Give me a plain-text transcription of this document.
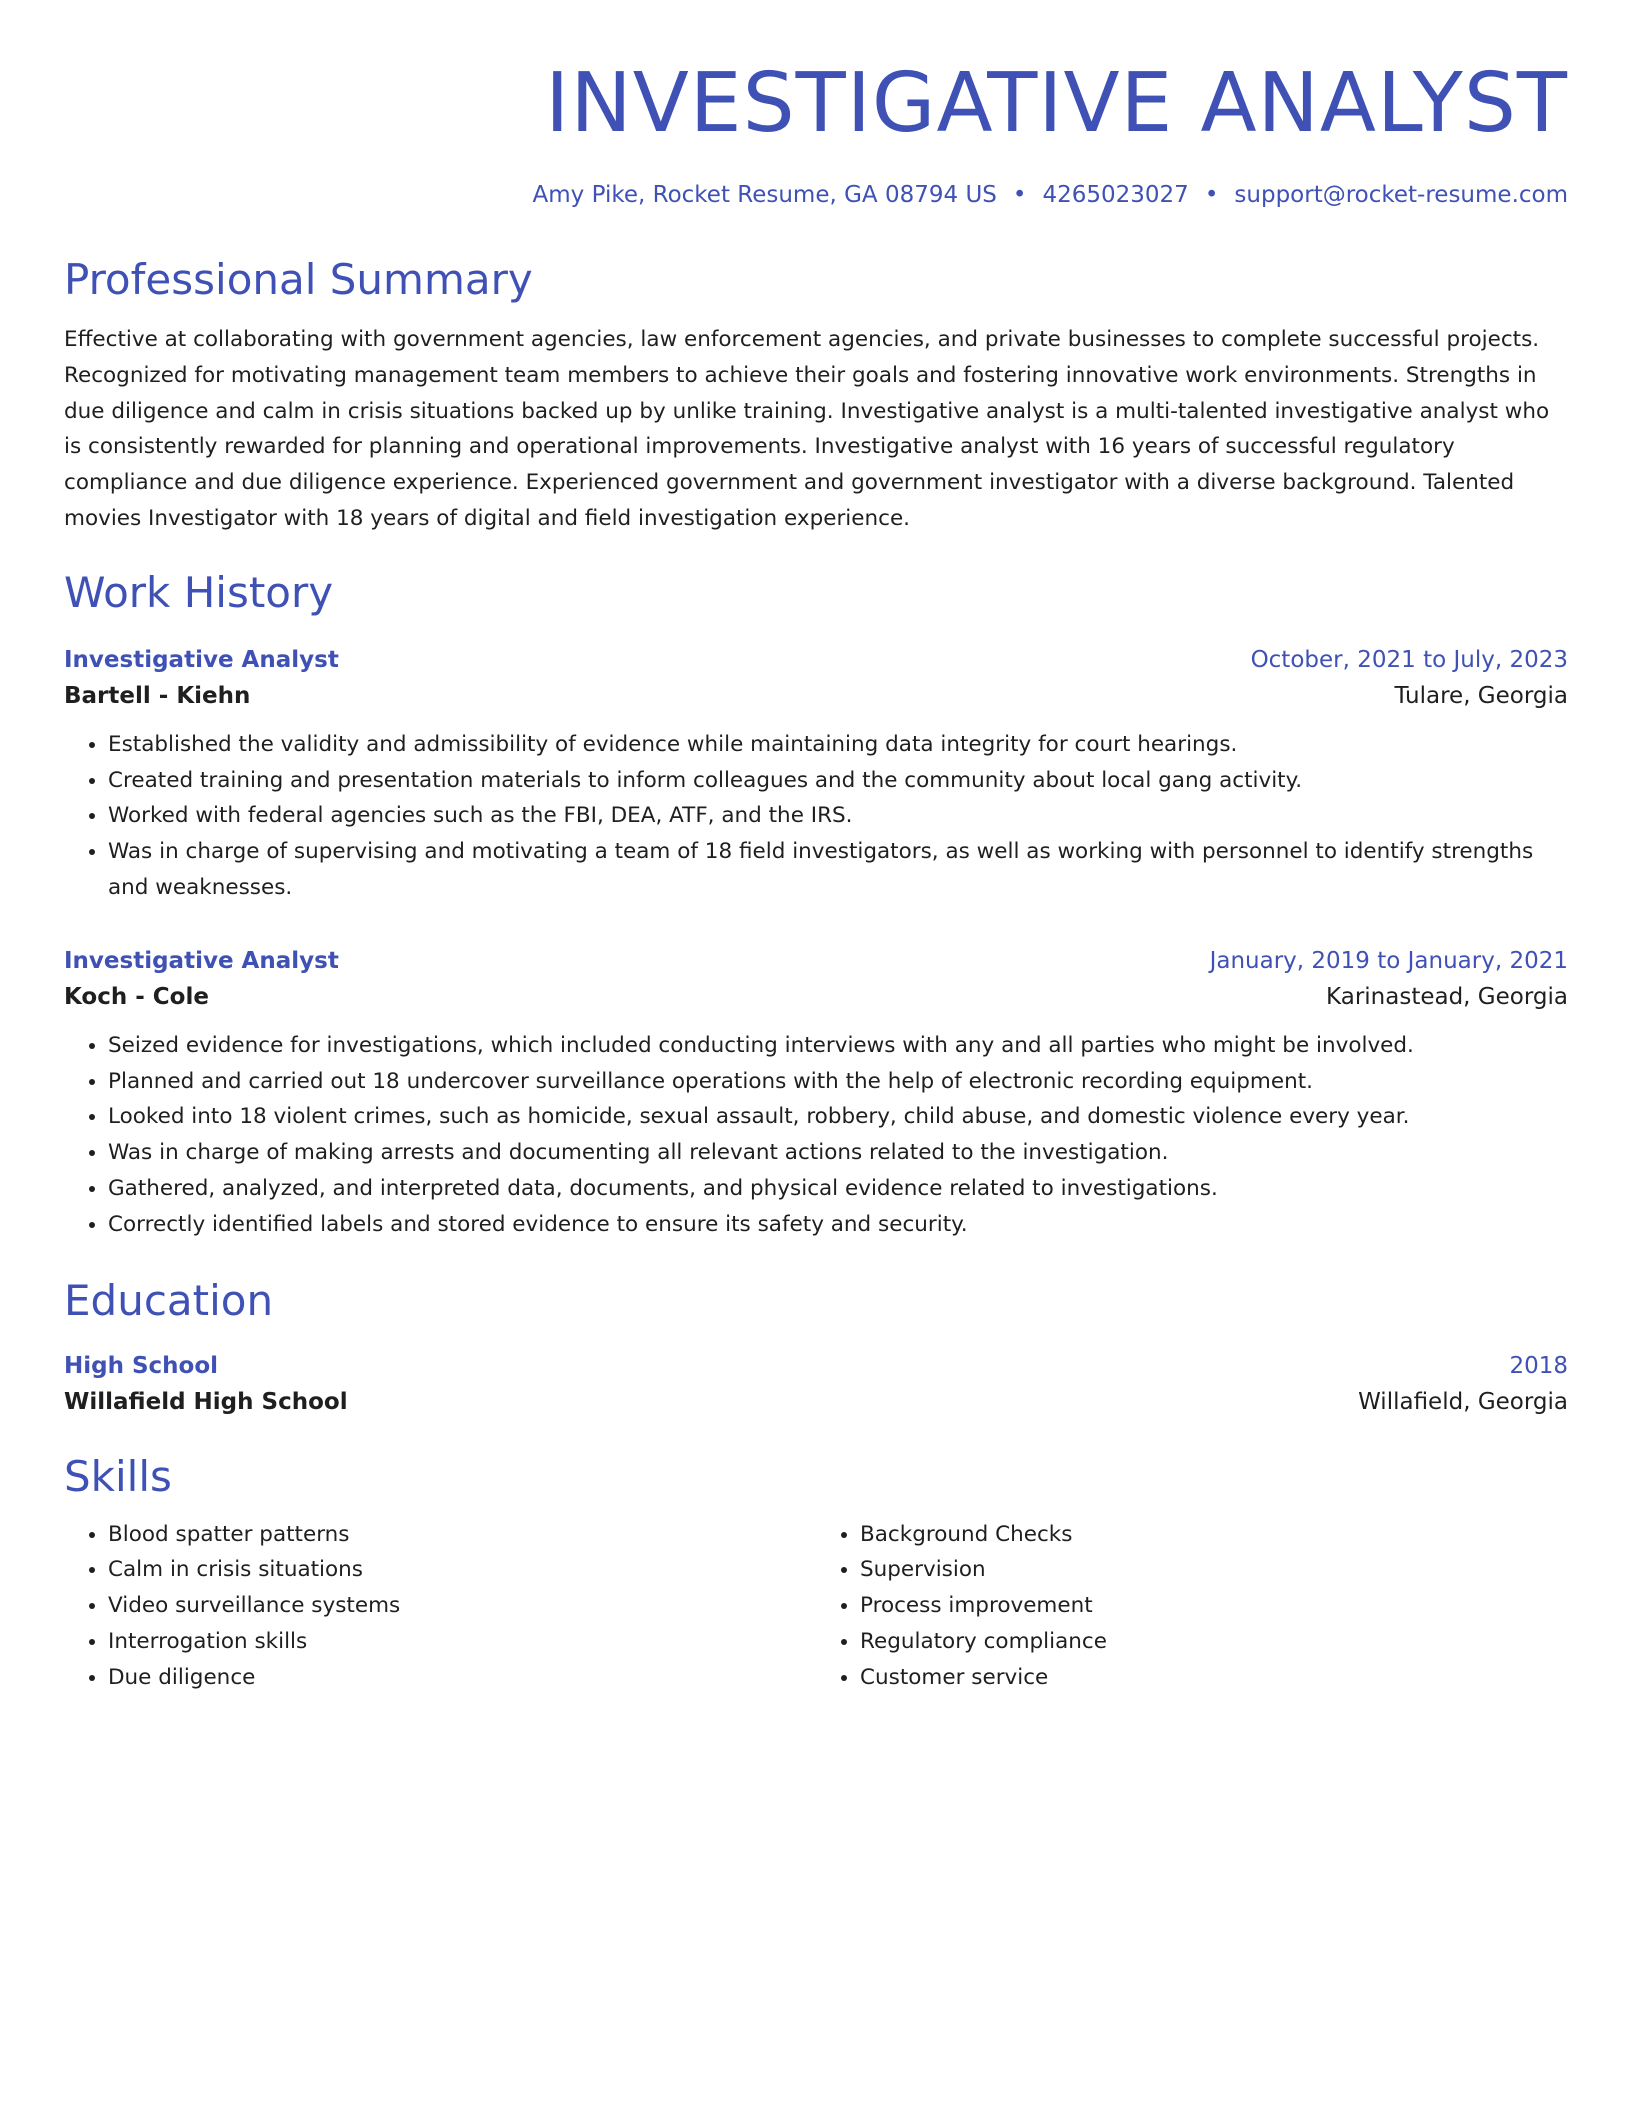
INVESTIGATIVE ANALYST
Amy Pike, Rocket Resume, GA 08794 US • 4265023027 • support@rocket-resume.com
Professional Summary

Effective at collaborating with government agencies, law enforcement agencies, and private businesses to complete successful projects. Recognized for motivating management team members to achieve their goals and fostering innovative work environments. Strengths in due diligence and calm in crisis situations backed up by unlike training. Investigative analyst is a multi-talented investigative analyst who is consistently rewarded for planning and operational improvements. Investigative analyst with 16 years of successful regulatory compliance and due diligence experience. Experienced government and government investigator with a diverse background. Talented movies Investigator with 18 years of digital and field investigation experience.

Work History
Investigative Analyst	October, 2021 to July, 2023
Bartell - Kiehn	Tulare, Georgia
• Established the validity and admissibility of evidence while maintaining data integrity for court hearings.
• Created training and presentation materials to inform colleagues and the community about local gang activity.
• Worked with federal agencies such as the FBI, DEA, ATF, and the IRS.
• Was in charge of supervising and motivating a team of 18 field investigators, as well as working with personnel to identify strengths and weaknesses.
Investigative Analyst	January, 2019 to January, 2021
Koch - Cole	Karinastead, Georgia
• Seized evidence for investigations, which included conducting interviews with any and all parties who might be involved.
• Planned and carried out 18 undercover surveillance operations with the help of electronic recording equipment.
• Looked into 18 violent crimes, such as homicide, sexual assault, robbery, child abuse, and domestic violence every year.
• Was in charge of making arrests and documenting all relevant actions related to the investigation.
• Gathered, analyzed, and interpreted data, documents, and physical evidence related to investigations.
• Correctly identified labels and stored evidence to ensure its safety and security.
Education
High School	2018
Willafield High School	Willafield, Georgia
Skills
• Blood spatter patterns
• Calm in crisis situations
• Video surveillance systems
• Interrogation skills
• Due diligence
• Background Checks
• Supervision
• Process improvement
• Regulatory compliance
• Customer service
